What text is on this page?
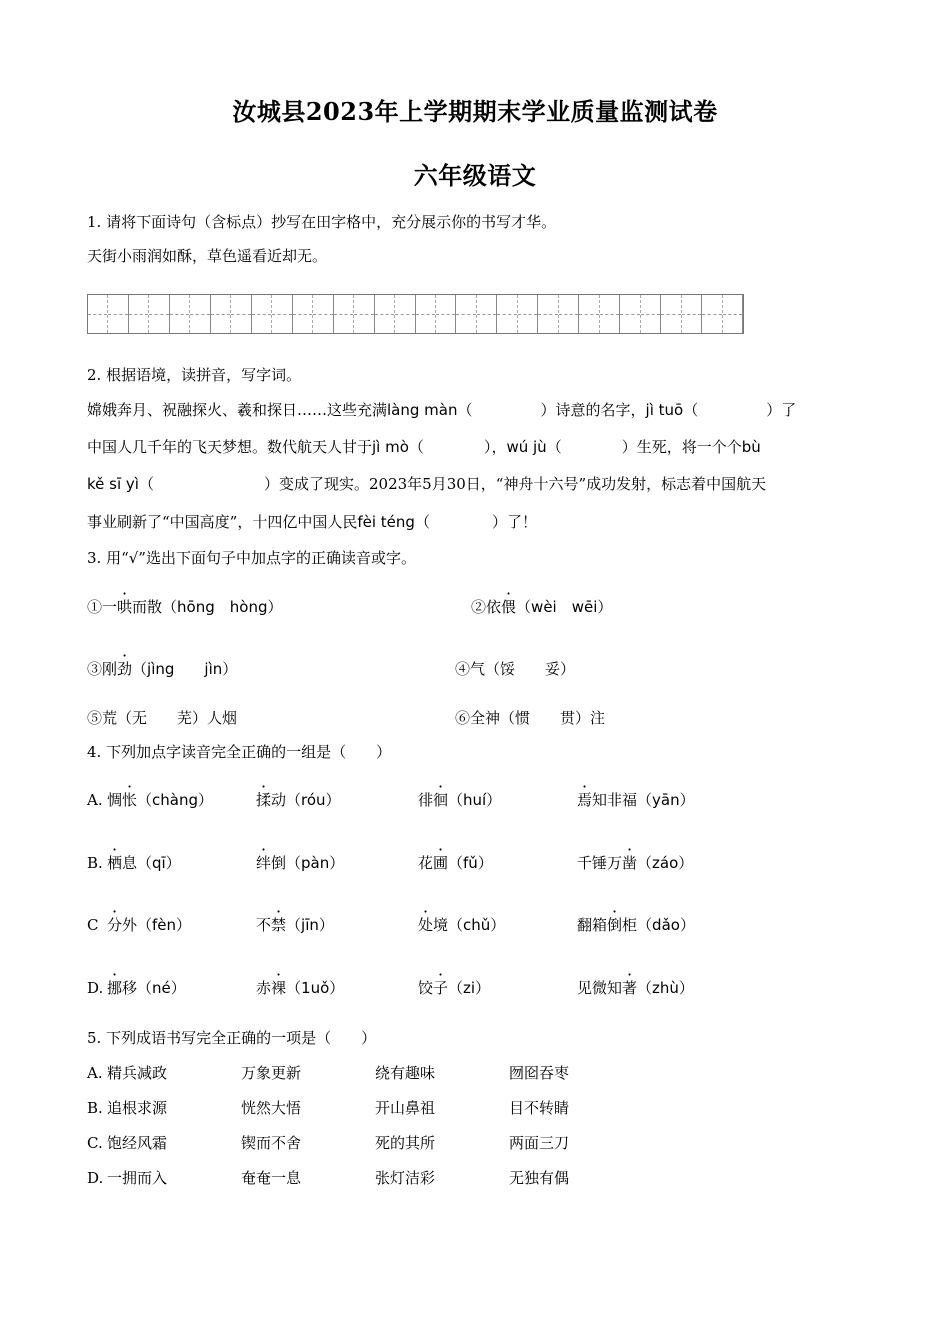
汝城县2023年上学期期末学业质量监测试卷
六年级语文
1. 请将下面诗句（含标点）抄写在田字格中，充分展示你的书写才华。
天街小雨润如酥，草色遥看近却无。
2. 根据语境，读拼音，写字词。
嫦娥奔月、祝融探火、羲和探日……这些充满làng màn（	）诗意的名字，jì tuō（	）了
中国人几千年的飞天梦想。数代航天人甘于jì mò（	），wú jù（	）生死，将一个个bù
kě sī yì（	）变成了现实。2023年5月30日，“神舟十六号”成功发射，标志着中国航天
事业刷新了“中国高度”，十四亿中国人民fèi téng（	）了！
3. 用“√”选出下面句子中加点字的正确读音或字。
①一哄而散（hōng　hòng）	②依偎（wèi　wēi）
③刚劲（jìng　　jìn）	④气（馁　　妥）
⑤荒（无　　芜）人烟	⑥全神（惯　　贯）注
4. 下列加点字读音完全正确的一组是（　　）
A. 惆怅（chàng）	揉动（róu）	徘徊（huí）	焉知非福（yān）
B. 栖息（qī）	绊倒（pàn）	花圃（fǔ）	千锤万凿（záo）
C 分外（fèn）	不禁（jīn）	处境（chǔ）	翻箱倒柜（dǎo）
D. 挪移（né）	赤裸（1uǒ）	饺子（zi）	见微知著（zhù）
5. 下列成语书写完全正确的一项是（　　）
A. 精兵减政	万象更新	绕有趣味	囫囵吞枣
B. 追根求源	恍然大悟	开山鼻祖	目不转睛
C. 饱经风霜	锲而不舍	死的其所	两面三刀
D. 一拥而入	奄奄一息	张灯洁彩	无独有偶
